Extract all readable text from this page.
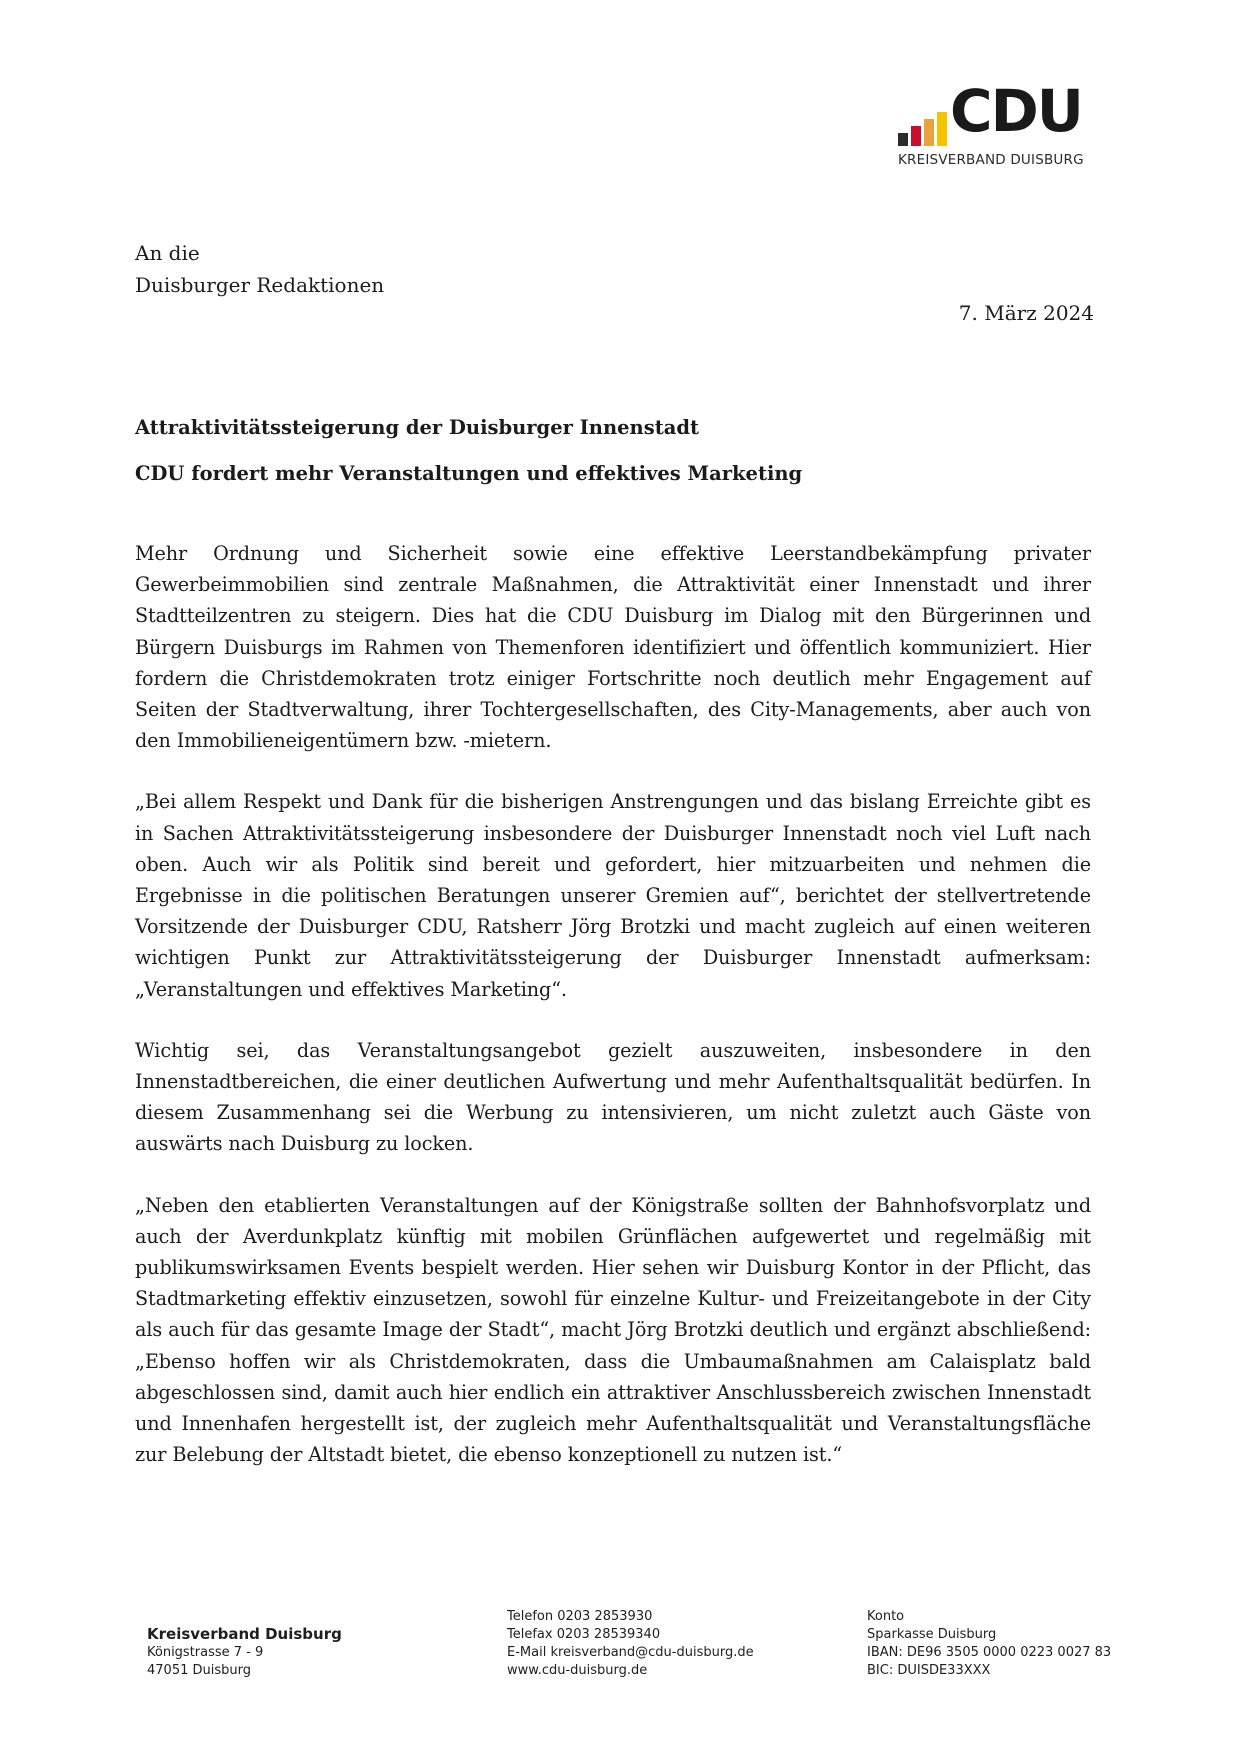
CDU
KREISVERBAND DUISBURG
An die
Duisburger Redaktionen
7. März 2024
Attraktivitätssteigerung der Duisburger Innenstadt
CDU fordert mehr Veranstaltungen und effektives Marketing

Mehr Ordnung und Sicherheit sowie eine effektive Leerstandbekämpfung privater Gewerbeimmobilien sind zentrale Maßnahmen, die Attraktivität einer Innenstadt und ihrer Stadtteilzentren zu steigern. Dies hat die CDU Duisburg im Dialog mit den Bürgerinnen und Bürgern Duisburgs im Rahmen von Themenforen identifiziert und öffentlich kommuniziert. Hier fordern die Christdemokraten trotz einiger Fortschritte noch deutlich mehr Engagement auf Seiten der Stadtverwaltung, ihrer Tochtergesellschaften, des City-Managements, aber auch von den Immobilieneigentümern bzw. -mietern.

„Bei allem Respekt und Dank für die bisherigen Anstrengungen und das bislang Erreichte gibt es in Sachen Attraktivitätssteigerung insbesondere der Duisburger Innenstadt noch viel Luft nach oben. Auch wir als Politik sind bereit und gefordert, hier mitzuarbeiten und nehmen die Ergebnisse in die politischen Beratungen unserer Gremien auf“, berichtet der stellvertretende Vorsitzende der Duisburger CDU, Ratsherr Jörg Brotzki und macht zugleich auf einen weiteren wichtigen Punkt zur Attraktivitätssteigerung der Duisburger Innenstadt aufmerksam: „Veranstaltungen und effektives Marketing“.

Wichtig sei, das Veranstaltungsangebot gezielt auszuweiten, insbesondere in den Innenstadtbereichen, die einer deutlichen Aufwertung und mehr Aufenthaltsqualität bedürfen. In diesem Zusammenhang sei die Werbung zu intensivieren, um nicht zuletzt auch Gäste von auswärts nach Duisburg zu locken.

„Neben den etablierten Veranstaltungen auf der Königstraße sollten der Bahnhofsvorplatz und auch der Averdunkplatz künftig mit mobilen Grünflächen aufgewertet und regelmäßig mit publikumswirksamen Events bespielt werden. Hier sehen wir Duisburg Kontor in der Pflicht, das Stadtmarketing effektiv einzusetzen, sowohl für einzelne Kultur- und Freizeitangebote in der City als auch für das gesamte Image der Stadt“, macht Jörg Brotzki deutlich und ergänzt abschließend: „Ebenso hoffen wir als Christdemokraten, dass die Umbaumaßnahmen am Calaisplatz bald abgeschlossen sind, damit auch hier endlich ein attraktiver Anschlussbereich zwischen Innenstadt und Innenhafen hergestellt ist, der zugleich mehr Aufenthaltsqualität und Veranstaltungsfläche zur Belebung der Altstadt bietet, die ebenso konzeptionell zu nutzen ist.“

Kreisverband Duisburg
Königstrasse 7 - 9
47051 Duisburg
Telefon 0203 2853930
Telefax 0203 28539340
E-Mail kreisverband@cdu-duisburg.de
www.cdu-duisburg.de
Konto
Sparkasse Duisburg
IBAN: DE96 3505 0000 0223 0027 83
BIC: DUISDE33XXX
